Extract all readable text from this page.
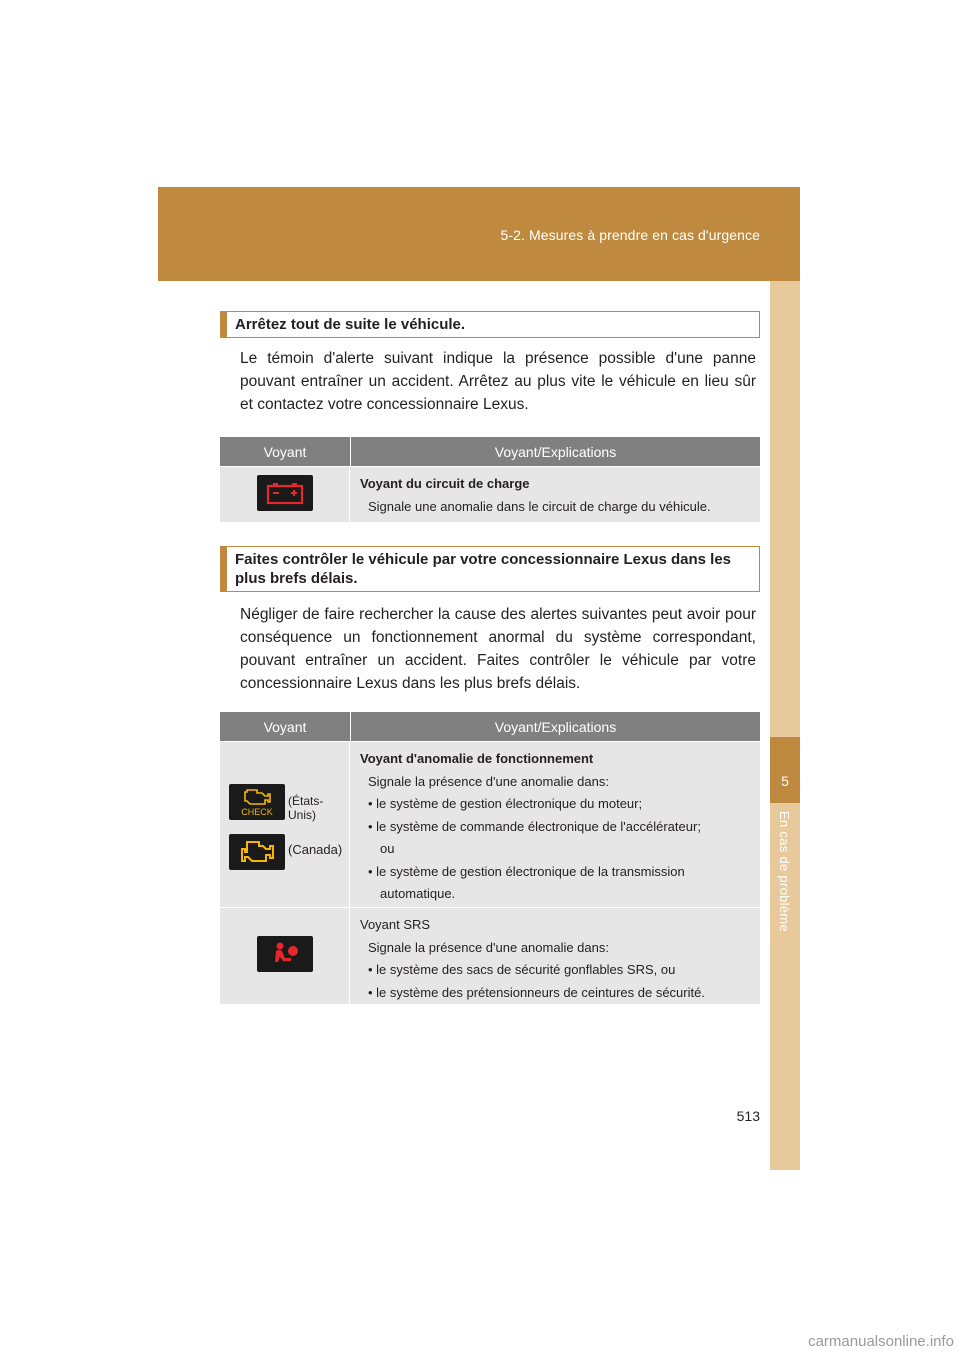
5-2. Mesures à prendre en cas d'urgence
5
En cas de problème
Arrêtez tout de suite le véhicule.
Le témoin d'alerte suivant indique la présence possible d'une panne pouvant entraîner un accident. Arrêtez au plus vite le véhicule en lieu sûr et contactez votre concessionnaire Lexus.
Voyant	Voyant/Explications
Voyant du circuit de charge
Signale une anomalie dans le circuit de charge du véhicule.
Faites contrôler le véhicule par votre concessionnaire Lexus dans les plus brefs délais.
Négliger de faire rechercher la cause des alertes suivantes peut avoir pour conséquence un fonctionnement anormal du système correspondant, pouvant entraîner un accident. Faites contrôler le véhicule par votre concessionnaire Lexus dans les plus brefs délais.
Voyant	Voyant/Explications
CHECK
(États-Unis)
(Canada)
Voyant d'anomalie de fonctionnement
Signale la présence d'une anomalie dans:
• le système de gestion électronique du moteur;
• le système de commande électronique de l'accélérateur;
ou
• le système de gestion électronique de la transmission
automatique.
Voyant SRS
Signale la présence d'une anomalie dans:
• le système des sacs de sécurité gonflables SRS, ou
• le système des prétensionneurs de ceintures de sécurité.
513
carmanualsonline.info
